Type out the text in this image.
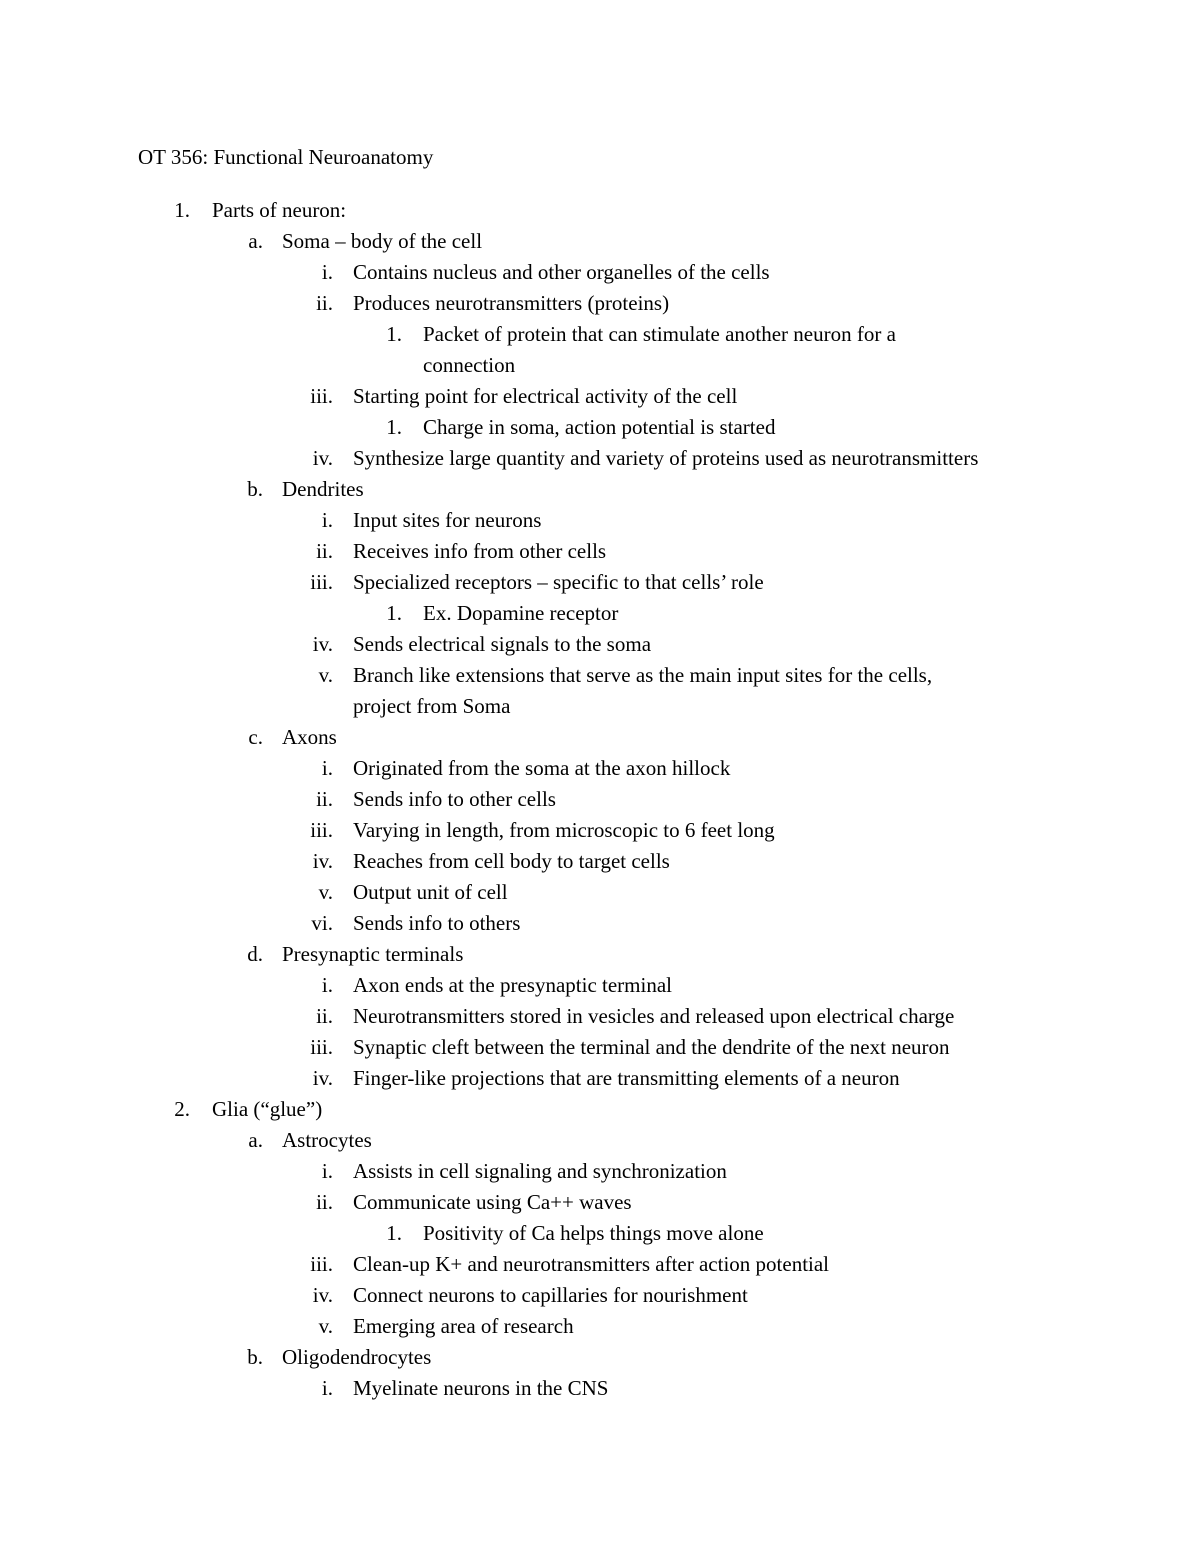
OT 356: Functional Neuroanatomy
1. Parts of neuron:
a. Soma – body of the cell
i. Contains nucleus and other organelles of the cells
ii. Produces neurotransmitters (proteins)
1. Packet of protein that can stimulate another neuron for a
connection
iii. Starting point for electrical activity of the cell
1. Charge in soma, action potential is started
iv. Synthesize large quantity and variety of proteins used as neurotransmitters
b. Dendrites
i. Input sites for neurons
ii. Receives info from other cells
iii. Specialized receptors – specific to that cells’ role
1. Ex. Dopamine receptor
iv. Sends electrical signals to the soma
v. Branch like extensions that serve as the main input sites for the cells,
project from Soma
c. Axons
i. Originated from the soma at the axon hillock
ii. Sends info to other cells
iii. Varying in length, from microscopic to 6 feet long
iv. Reaches from cell body to target cells
v. Output unit of cell
vi. Sends info to others
d. Presynaptic terminals
i. Axon ends at the presynaptic terminal
ii. Neurotransmitters stored in vesicles and released upon electrical charge
iii. Synaptic cleft between the terminal and the dendrite of the next neuron
iv. Finger-like projections that are transmitting elements of a neuron
2. Glia (“glue”)
a. Astrocytes
i. Assists in cell signaling and synchronization
ii. Communicate using Ca++ waves
1. Positivity of Ca helps things move alone
iii. Clean-up K+ and neurotransmitters after action potential
iv. Connect neurons to capillaries for nourishment
v. Emerging area of research
b. Oligodendrocytes
i. Myelinate neurons in the CNS
